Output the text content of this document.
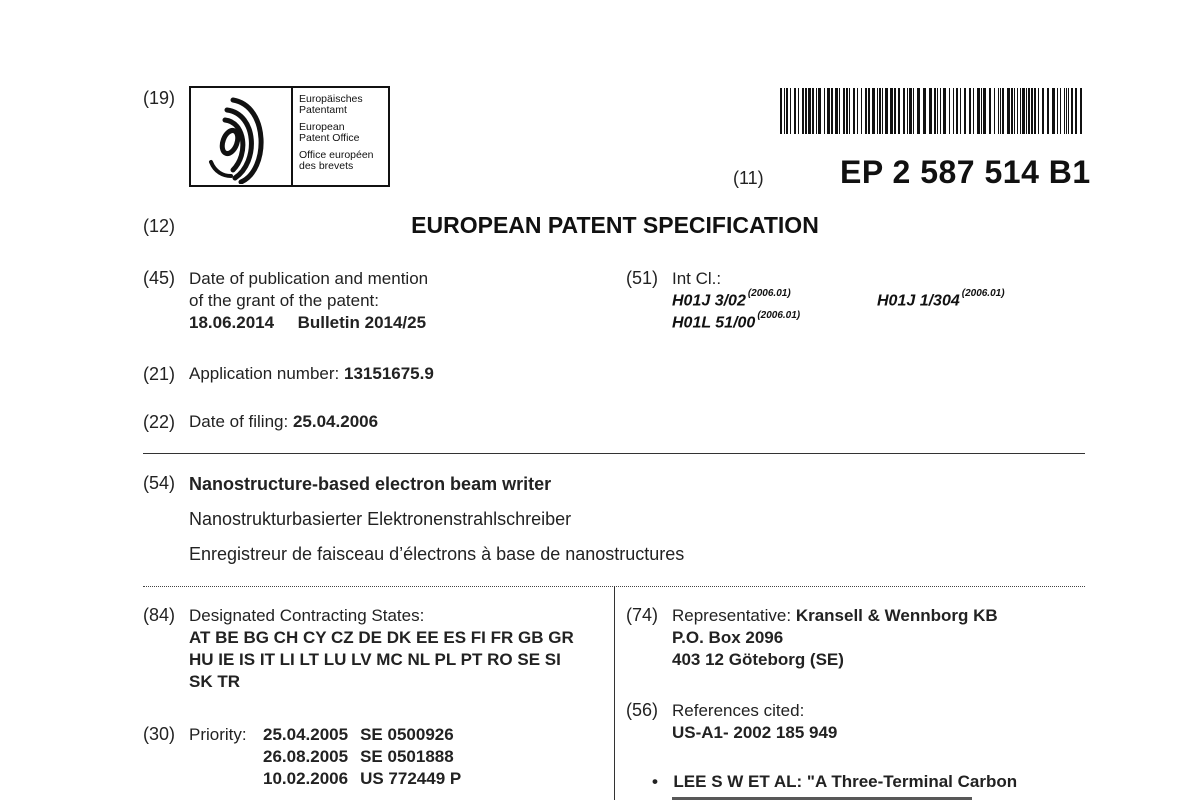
(19)	Europäisches
Patentamt
European
Patent Office
Office européen
des brevets
(11) EP 2 587 514 B1
(12)	EUROPEAN PATENT SPECIFICATION
(45) Date of publication and mention
of the grant of the patent:
18.06.2014 Bulletin 2014/25
(51) Int Cl.:
H01J 3/02 $^{(2006.01)}$	H01J 1/304 $^{(2006.01)}$
H01L 51/00 $^{(2006.01)}$
(21) Application number: 13151675.9
(22) Date of filing: 25.04.2006
(54) Nanostructure-based electron beam writer
Nanostrukturbasierter Elektronenstrahlschreiber
Enregistreur de faisceau d’électrons à base de nanostructures
(84) Designated Contracting States:
AT BE BG CH CY CZ DE DK EE ES FI FR GB GR
HU IE IS IT LI LT LU LV MC NL PL PT RO SE SI
SK TR
(30) Priority: 25.04.2005 SE 0500926
26.08.2005 SE 0501888
10.02.2006 US 772449 P
(74) Representative: Kransell & Wennborg KB
P.O. Box 2096
403 12 Göteborg (SE)
(56) References cited:
US-A1- 2002 185 949
• LEE S W ET AL: "A Three-Terminal Carbon
